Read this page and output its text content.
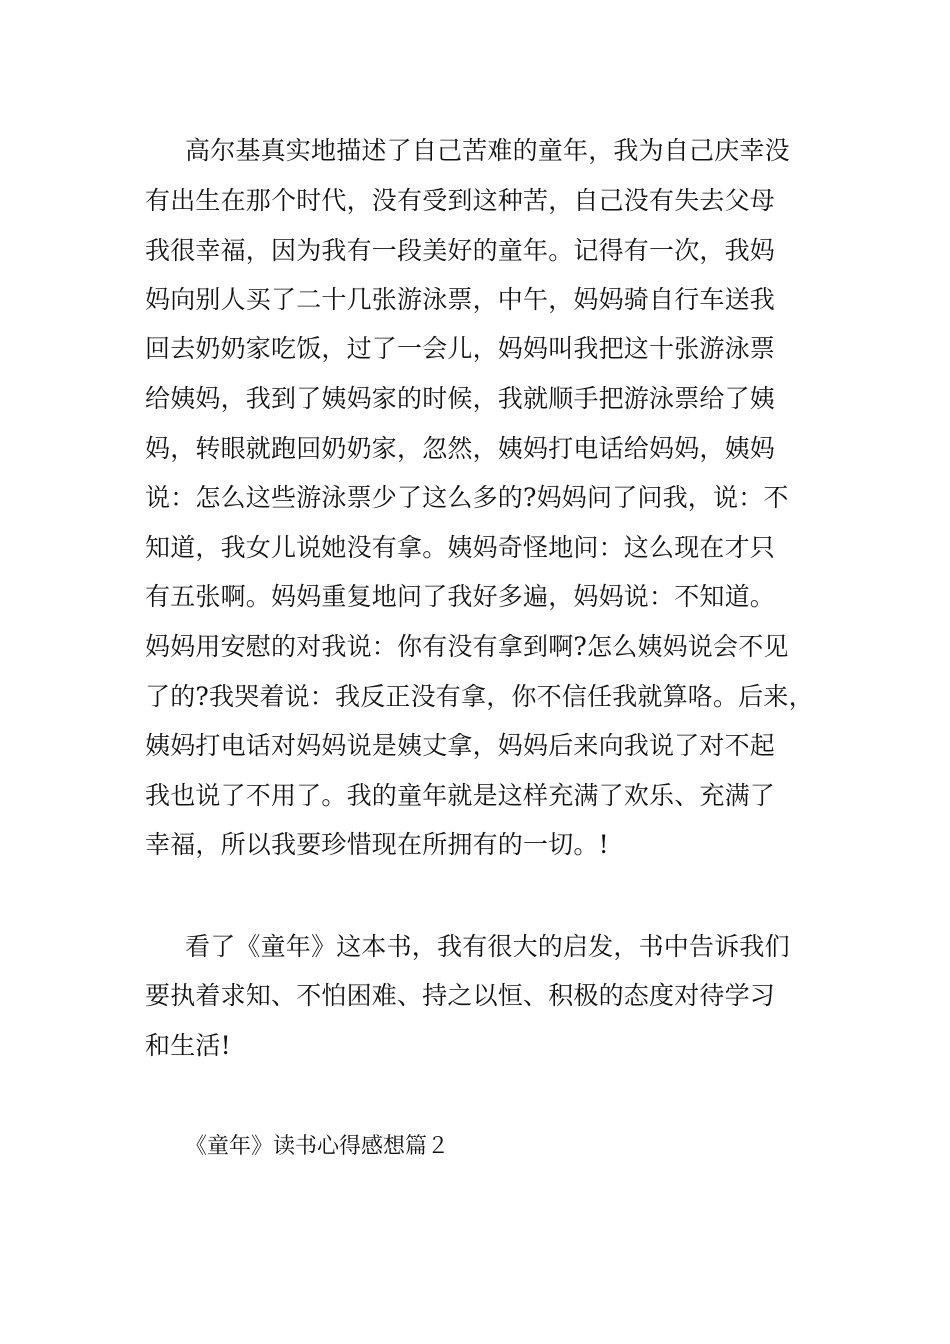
高尔基真实地描述了自己苦难的童年，我为自己庆幸没
有出生在那个时代，没有受到这种苦，自己没有失去父母
我很幸福，因为我有一段美好的童年。记得有一次，我妈
妈向别人买了二十几张游泳票，中午，妈妈骑自行车送我
回去奶奶家吃饭，过了一会儿，妈妈叫我把这十张游泳票
给姨妈，我到了姨妈家的时候，我就顺手把游泳票给了姨
妈，转眼就跑回奶奶家，忽然，姨妈打电话给妈妈，姨妈
说：怎么这些游泳票少了这么多的?妈妈问了问我，说：不
知道，我女儿说她没有拿。姨妈奇怪地问：这么现在才只
有五张啊。妈妈重复地问了我好多遍，妈妈说：不知道。
妈妈用安慰的对我说：你有没有拿到啊?怎么姨妈说会不见
了的?我哭着说：我反正没有拿，你不信任我就算咯。后来，
姨妈打电话对妈妈说是姨丈拿，妈妈后来向我说了对不起
我也说了不用了。我的童年就是这样充满了欢乐、充满了
幸福，所以我要珍惜现在所拥有的一切。!
看了《童年》这本书，我有很大的启发，书中告诉我们
要执着求知、不怕困难、持之以恒、积极的态度对待学习
和生活!
《童年》读书心得感想篇２
